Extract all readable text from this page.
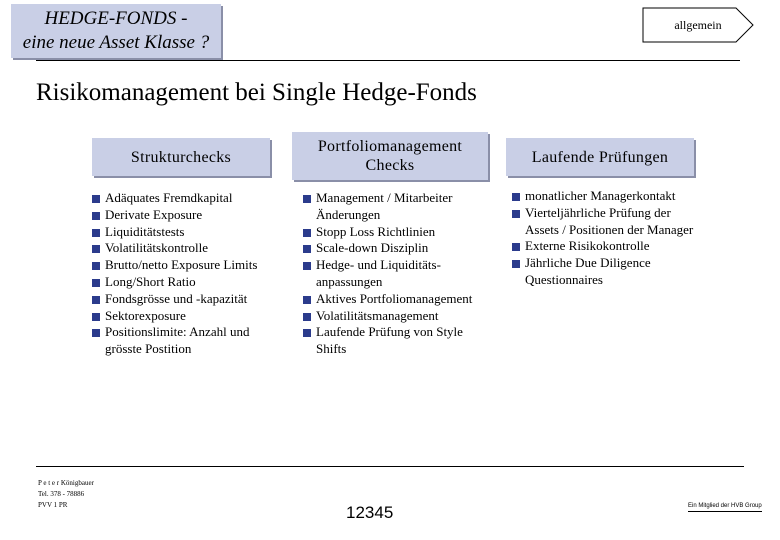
HEDGE-FONDS -
eine neue Asset Klasse ?
allgemein
Risikomanagement bei Single Hedge-Fonds
Strukturchecks
Portfoliomanagement Checks	Laufende Prüfungen
Adäquates Fremdkapital
Derivate Exposure
Liquiditätstests
Volatilitätskontrolle
Brutto/netto Exposure Limits
Long/Short Ratio
Fondsgrösse und -kapazität
Sektorexposure
Positionslimite: Anzahl und grösste Postition
Management / Mitarbeiter Änderungen
Stopp Loss Richtlinien
Scale-down Disziplin
Hedge- und Liquiditäts-anpassungen
Aktives Portfoliomanagement
Volatilitätsmanagement
Laufende Prüfung von Style Shifts
monatlicher Managerkontakt
Vierteljährliche Prüfung der Assets / Positionen der Manager
Externe Risikokontrolle
Jährliche Due Diligence Questionnaires
P e t e r Königbauer
Tel. 378 - 78886
PVV 1 PR	12345	Ein Mitglied der HVB Group
